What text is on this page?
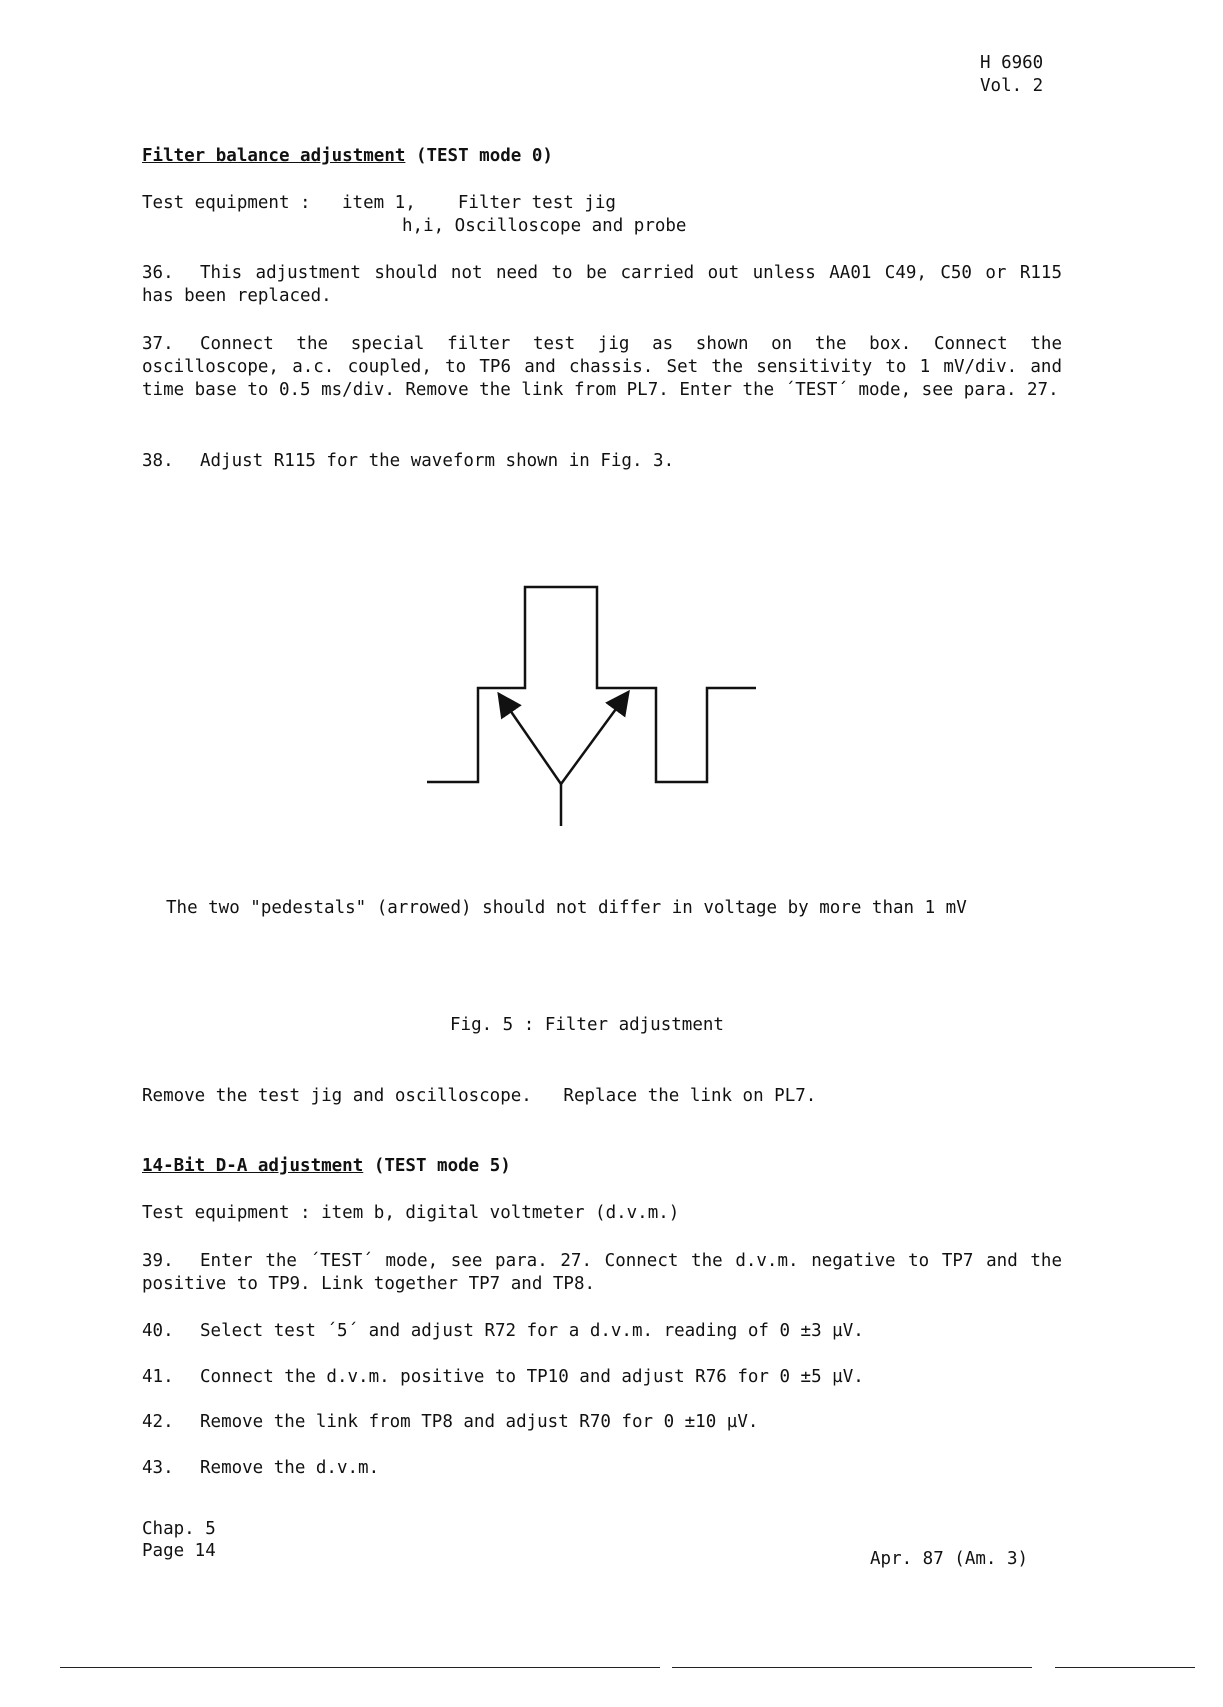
H 6960
Vol. 2
Filter balance adjustment (TEST mode 0)
Test equipment : item 1,    Filter test jig
h,i, Oscilloscope and probe
36. This adjustment should not need to be carried out unless AA01 C49, C50 or R115 has been replaced.
37. Connect the special filter test jig as shown on the box. Connect the oscilloscope, a.c. coupled, to TP6 and chassis. Set the sensitivity to 1 mV/div. and time base to 0.5 ms/div. Remove the link from PL7. Enter the ´TEST´ mode, see para. 27.
38. Adjust R115 for the waveform shown in Fig. 3.
The two "pedestals" (arrowed) should not differ in voltage by more than 1 mV
Fig. 5 : Filter adjustment
Remove the test jig and oscilloscope.   Replace the link on PL7.
14-Bit D-A adjustment (TEST mode 5)
Test equipment : item b, digital voltmeter (d.v.m.)
39. Enter the ´TEST´ mode, see para. 27. Connect the d.v.m. negative to TP7 and the positive to TP9. Link together TP7 and TP8.
40. Select test ´5´ and adjust R72 for a d.v.m. reading of 0 ±3 µV.
41. Connect the d.v.m. positive to TP10 and adjust R76 for 0 ±5 µV.
42. Remove the link from TP8 and adjust R70 for 0 ±10 µV.
43. Remove the d.v.m.
Chap. 5
Page 14	Apr. 87 (Am. 3)
